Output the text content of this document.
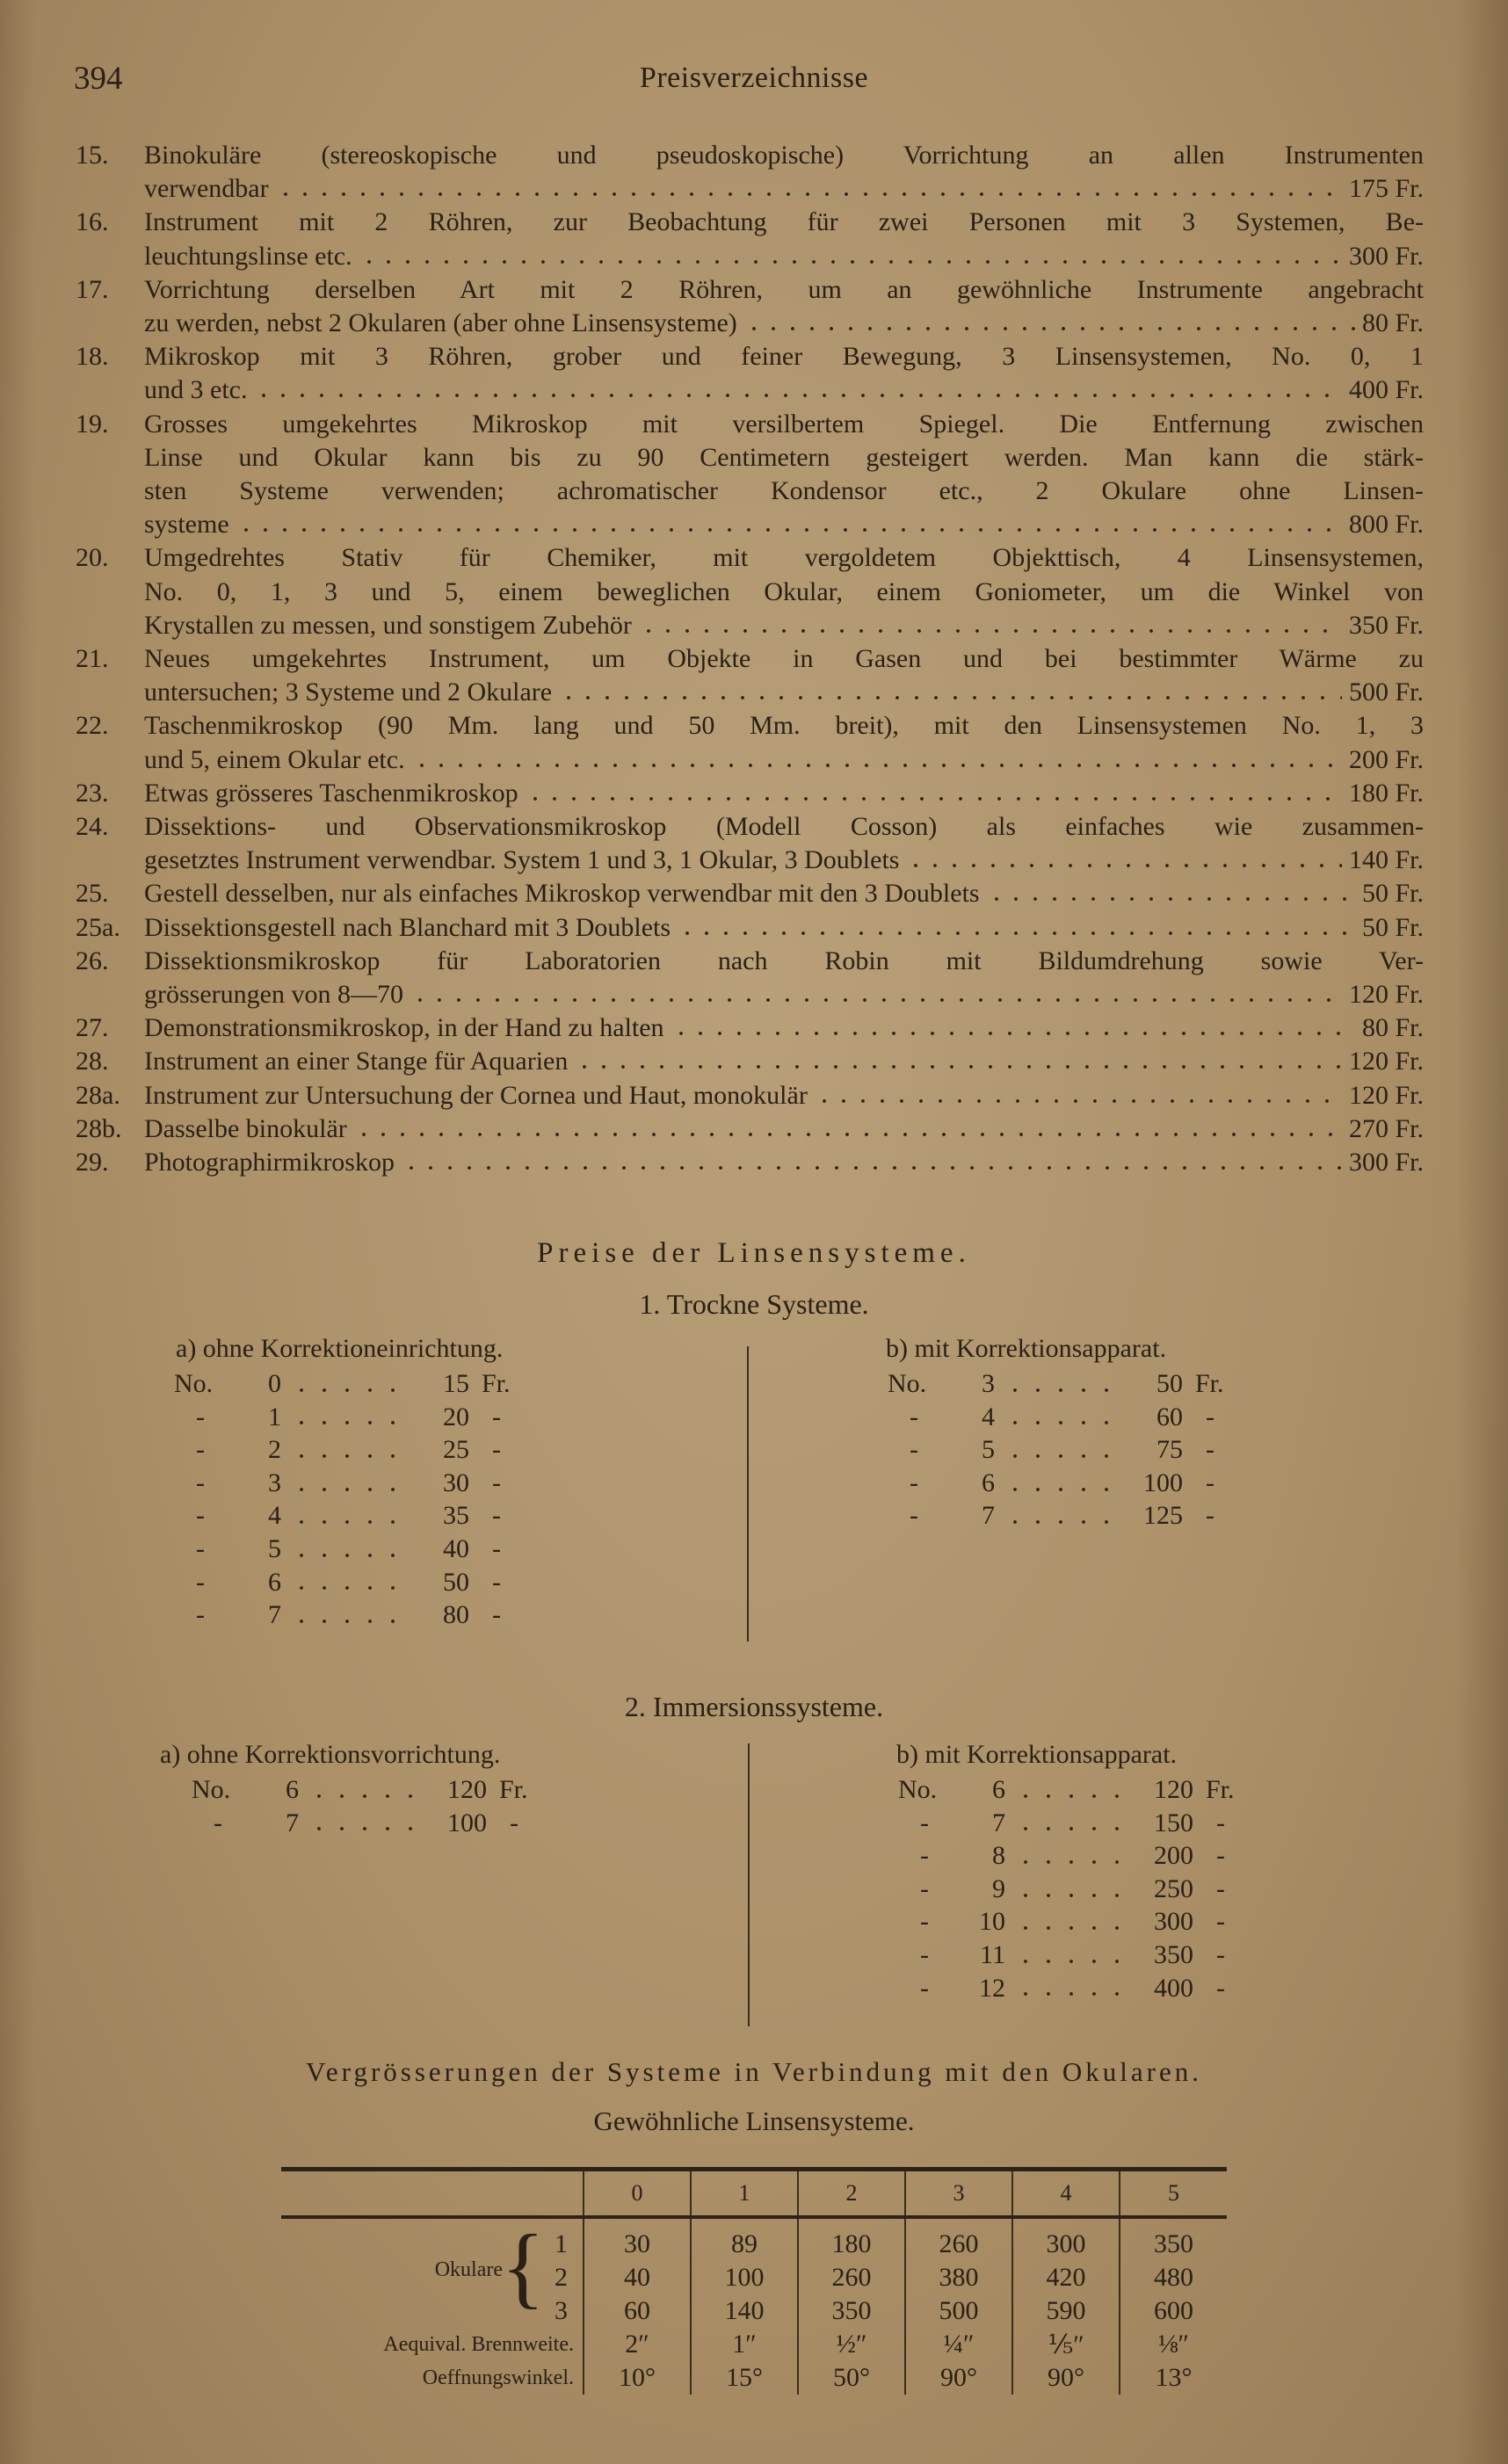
394	Preisverzeichnisse
15.	Binokuläre (stereoskopische und pseudoskopische) Vorrichtung an allen Instrumenten
verwendbar	175 Fr.
16.	Instrument mit 2 Röhren, zur Beobachtung für zwei Personen mit 3 Systemen, Be-
leuchtungslinse etc.	300 Fr.
17.	Vorrichtung derselben Art mit 2 Röhren, um an gewöhnliche Instrumente angebracht
zu werden, nebst 2 Okularen (aber ohne Linsensysteme)	80 Fr.
18.	Mikroskop mit 3 Röhren, grober und feiner Bewegung, 3 Linsensystemen, No. 0, 1
und 3 etc.	400 Fr.
19.	Grosses umgekehrtes Mikroskop mit versilbertem Spiegel. Die Entfernung zwischen
Linse und Okular kann bis zu 90 Centimetern gesteigert werden. Man kann die stärk-
sten Systeme verwenden; achromatischer Kondensor etc., 2 Okulare ohne Linsen-
systeme	800 Fr.
20.	Umgedrehtes Stativ für Chemiker, mit vergoldetem Objekttisch, 4 Linsensystemen,
No. 0, 1, 3 und 5, einem beweglichen Okular, einem Goniometer, um die Winkel von
Krystallen zu messen, und sonstigem Zubehör	350 Fr.
21.	Neues umgekehrtes Instrument, um Objekte in Gasen und bei bestimmter Wärme zu
untersuchen; 3 Systeme und 2 Okulare	500 Fr.
22.	Taschenmikroskop (90 Mm. lang und 50 Mm. breit), mit den Linsensystemen No. 1, 3
und 5, einem Okular etc.	200 Fr.
23.	Etwas grösseres Taschenmikroskop	180 Fr.
24.	Dissektions- und Observationsmikroskop (Modell Cosson) als einfaches wie zusammen-
gesetztes Instrument verwendbar. System 1 und 3, 1 Okular, 3 Doublets	140 Fr.
25.	Gestell desselben, nur als einfaches Mikroskop verwendbar mit den 3 Doublets	50 Fr.
25a. Dissektionsgestell nach Blanchard mit 3 Doublets	50 Fr.
26.	Dissektionsmikroskop für Laboratorien nach Robin mit Bildumdrehung sowie Ver-
grösserungen von 8—70	120 Fr.
27.	Demonstrationsmikroskop, in der Hand zu halten	80 Fr.
28.	Instrument an einer Stange für Aquarien	120 Fr.
28a. Instrument zur Untersuchung der Cornea und Haut, monokulär	120 Fr.
28b. Dasselbe binokulär	270 Fr.
29.	Photographirmikroskop	300 Fr.
Preise der Linsensysteme.
1. Trockne Systeme.
a) ohne Korrektioneinrichtung.
No.	0	15 Fr.
-	1	20 -
-	2	25 -
-	3	30 -
-	4	35 -
-	5	40 -
-	6	50 -
-	7	80 -
b) mit Korrektionsapparat.
No.	3	50 Fr.
-	4	60 -
-	5	75 -
-	6	100 -
-	7	125 -
2. Immersionssysteme.
a) ohne Korrektionsvorrichtung.
No.	6	120 Fr.
-	7	100 -
b) mit Korrektionsapparat.
No.	6	120 Fr.
-	7	150 -
-	8	200 -
-	9	250 -
-	10	300 -
-	11	350 -
-	12	400 -
Vergrösserungen der Systeme in Verbindung mit den Okularen.
Gewöhnliche Linsensysteme.
	0	1	2	3	4	5
1	30	89	180	260	300	350
2	40	100	260	380	420	480
3	60	140	350	500	590	600
Aequival. Brennweite.	2″	1″	½″	¼″	⅕″	⅛″
Oeffnungswinkel.	10°	15°	50°	90°	90°	13°
Okulare
{
